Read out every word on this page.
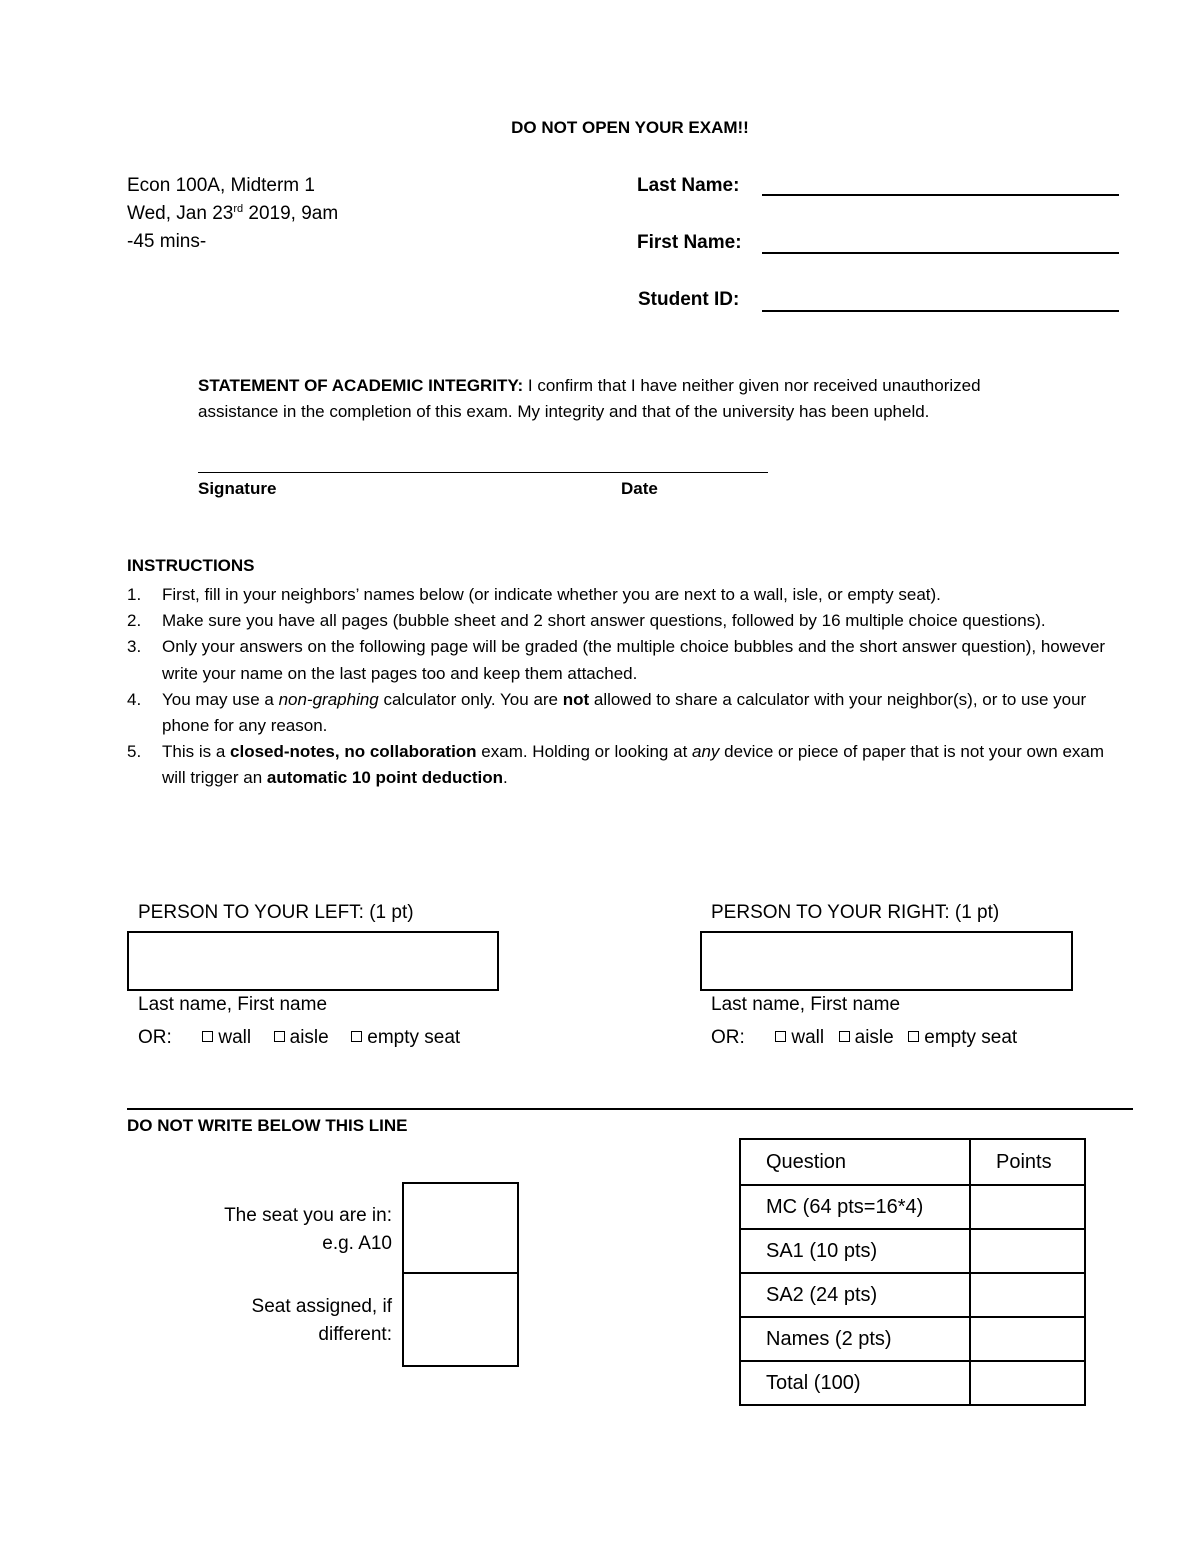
DO NOT OPEN YOUR EXAM!!
Econ 100A, Midterm 1
Wed, Jan 23rd 2019, 9am
-45 mins-
Last Name:
First Name:
Student ID:
STATEMENT OF ACADEMIC INTEGRITY: I confirm that I have neither given nor received unauthorized
assistance in the completion of this exam. My integrity and that of the university has been upheld.
Signature	Date
INSTRUCTIONS
1. First, fill in your neighbors’ names below (or indicate whether you are next to a wall, isle, or empty seat).
2. Make sure you have all pages (bubble sheet and 2 short answer questions, followed by 16 multiple choice questions).
3. Only your answers on the following page will be graded (the multiple choice bubbles and the short answer question), however write your name on the last pages too and keep them attached.
4. You may use a non-graphing calculator only. You are not allowed to share a calculator with your neighbor(s), or to use your phone for any reason.
5. This is a closed-notes, no collaboration exam. Holding or looking at any device or piece of paper that is not your own exam will trigger an automatic 10 point deduction.
PERSON TO YOUR LEFT: (1 pt)
Last name, First name
OR: wall aisle empty seat
PERSON TO YOUR RIGHT: (1 pt)
Last name, First name
OR: wall aisle empty seat
DO NOT WRITE BELOW THIS LINE
The seat you are in:
e.g. A10
Seat assigned, if
different:
Question	Points
MC (64 pts=16*4)	
SA1 (10 pts)	
SA2 (24 pts)	
Names (2 pts)	
Total (100)	
